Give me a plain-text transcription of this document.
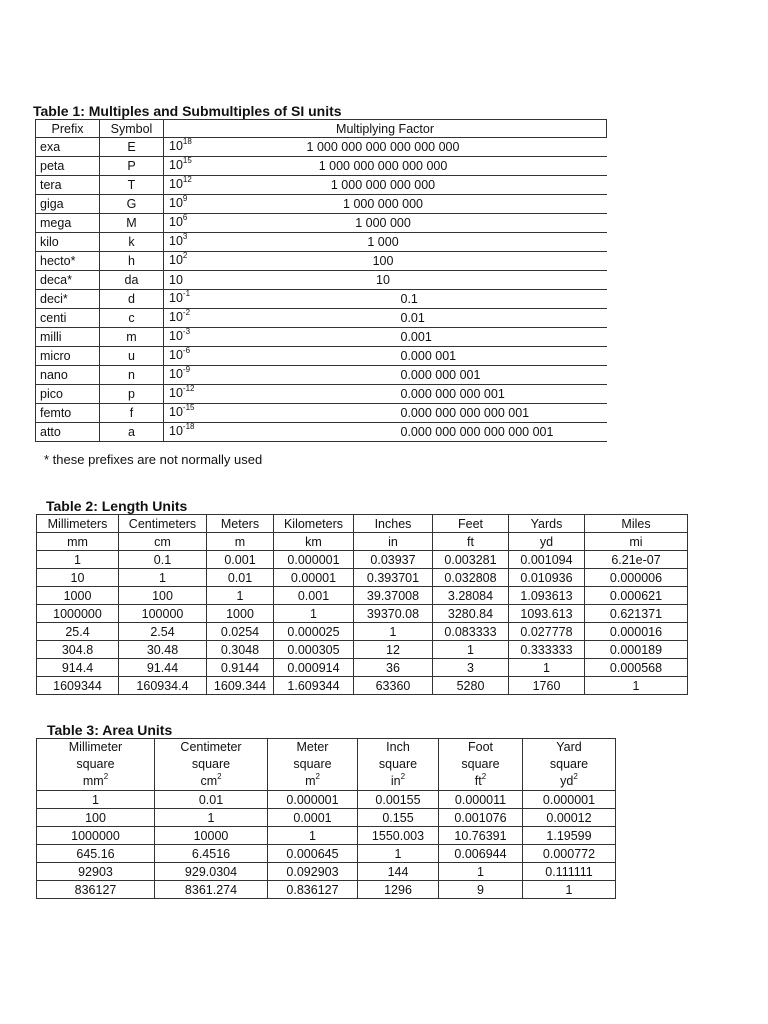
Table 1: Multiples and Submultiples of SI units
Prefix	Symbol	Multiplying Factor	
exa	E	$10^{18}$	1 000 000 000 000 000 000
peta	P	$10^{15}$	1 000 000 000 000 000
tera	T	$10^{12}$	1 000 000 000 000
giga	G	$10^9$	1 000 000 000
mega	M	$10^6$	1 000 000
kilo	k	$10^3$	1 000
hecto*	h	$10^2$	100
deca*	da	10	10
deci*	d	$10^{-1}$	0.1
centi	c	$10^{-2}$	0.01
milli	m	$10^{-3}$	0.001
micro	u	$10^{-6}$	0.000 001
nano	n	$10^{-9}$	0.000 000 001
pico	p	$10^{-12}$	0.000 000 000 001
femto	f	$10^{-15}$	0.000 000 000 000 001
atto	a	$10^{-18}$	0.000 000 000 000 000 001
* these prefixes are not normally used
Table 2: Length Units
Millimeters	Centimeters	Meters	Kilometers	Inches	Feet	Yards	Miles
mm	cm	m	km	in	ft	yd	mi
1	0.1	0.001	0.000001	0.03937	0.003281	0.001094	6.21e-07
10	1	0.01	0.00001	0.393701	0.032808	0.010936	0.000006
1000	100	1	0.001	39.37008	3.28084	1.093613	0.000621
1000000	100000	1000	1	39370.08	3280.84	1093.613	0.621371
25.4	2.54	0.0254	0.000025	1	0.083333	0.027778	0.000016
304.8	30.48	0.3048	0.000305	12	1	0.333333	0.000189
914.4	91.44	0.9144	0.000914	36	3	1	0.000568
1609344	160934.4	1609.344	1.609344	63360	5280	1760	1
Table 3: Area Units
Millimeter	Centimeter	Meter	Inch	Foot	Yard
square	square	square	square	square	square
$mm^2$	$cm^2$	$m^2$	$in^2$	$ft^2$	$yd^2$
1	0.01	0.000001	0.00155	0.000011	0.000001
100	1	0.0001	0.155	0.001076	0.00012
1000000	10000	1	1550.003	10.76391	1.19599
645.16	6.4516	0.000645	1	0.006944	0.000772
92903	929.0304	0.092903	144	1	0.111111
836127	8361.274	0.836127	1296	9	1
